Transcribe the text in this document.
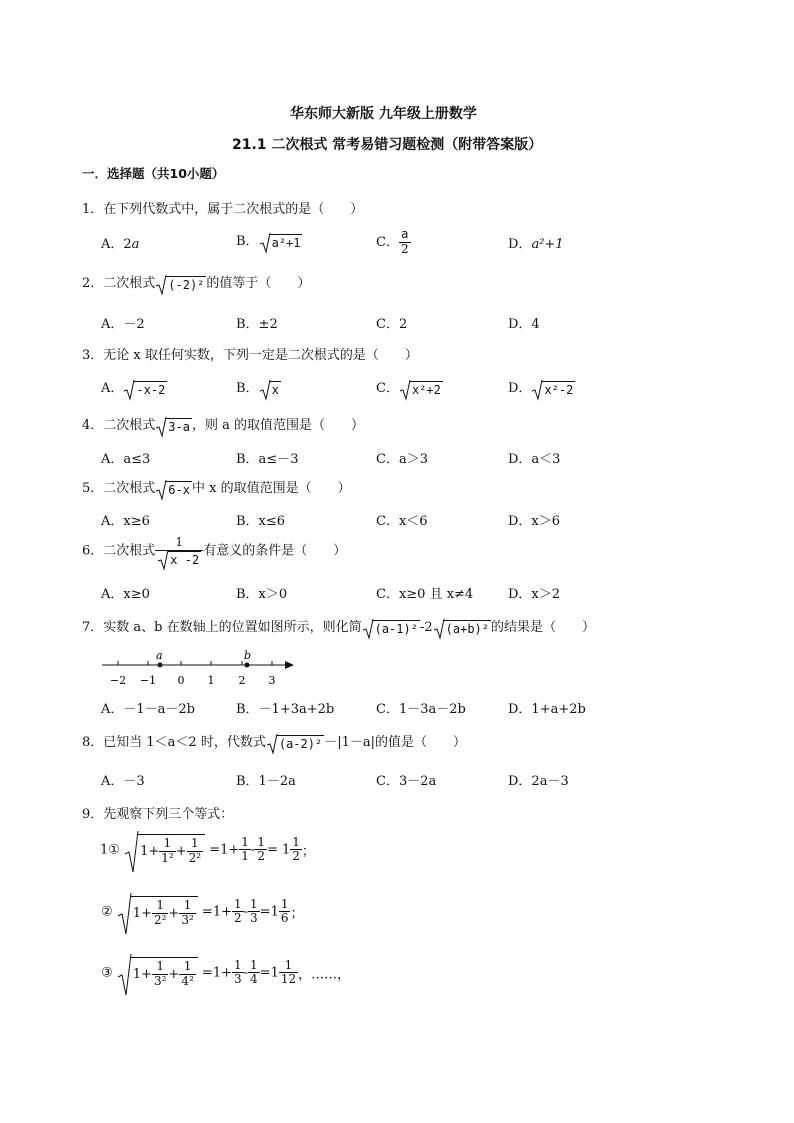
华东师大新版 九年级上册数学
21.1 二次根式 常考易错习题检测（附带答案版）
一．选择题（共10小题）
1．在下列代数式中，属于二次根式的是（　　）
A．2a	B． a²+1	C． $\frac{a}{2}$	D．a²+1
2．二次根式 (-2)² 的值等于（　　）
A．－2	B．±2	C．2	D．4
3．无论 x 取任何实数，下列一定是二次根式的是（　　）
A． -x-2	B． x	C． x²+2	D． x²-2
4．二次根式 3-a ，则 a 的取值范围是（　　）
A．a≤3	B．a≤－3	C．a＞3	D．a＜3
5．二次根式 6-x 中 x 的取值范围是（　　）
A．x≥6	B．x≤6	C．x＜6	D．x＞6
6．二次根式 $\frac{1}{x -2}$ 有意义的条件是（　　）
A．x≥0	B．x＞0	C．x≥0 且 x≠4	D．x＞2
7．实数 a、b 在数轴上的位置如图所示，则化简 (a-1)² -2 (a+b)² 的结果是（　　）
a	b
−2 −1 0 1 2 3
A．－1－a－2b	B．－1+3a+2b	C．1－3a－2b	D．1+a+2b
8．已知当 1＜a＜2 时，代数式 (a-2)² －|1－a|的值是（　　）
A．－3	B．1－2a	C．3－2a	D．2a－3
9．先观察下列三个等式：
1① $1+ \frac{1}{\text{1²}} + \frac{1}{\text{2²}} =1+ \frac{1}{1} - \frac{1}{2} = 1 \frac{1}{2}$ ；
② $1+ \frac{1}{\text{2²}} + \frac{1}{\text{3²}} =1+ \frac{1}{2} - \frac{1}{3} =1 \frac{1}{6}$ ；
③ $1+ \frac{1}{\text{3²}} + \frac{1}{\text{4²}} =1+ \frac{1}{3} - \frac{1}{4} =1 \frac{1}{12}$ ，……，
